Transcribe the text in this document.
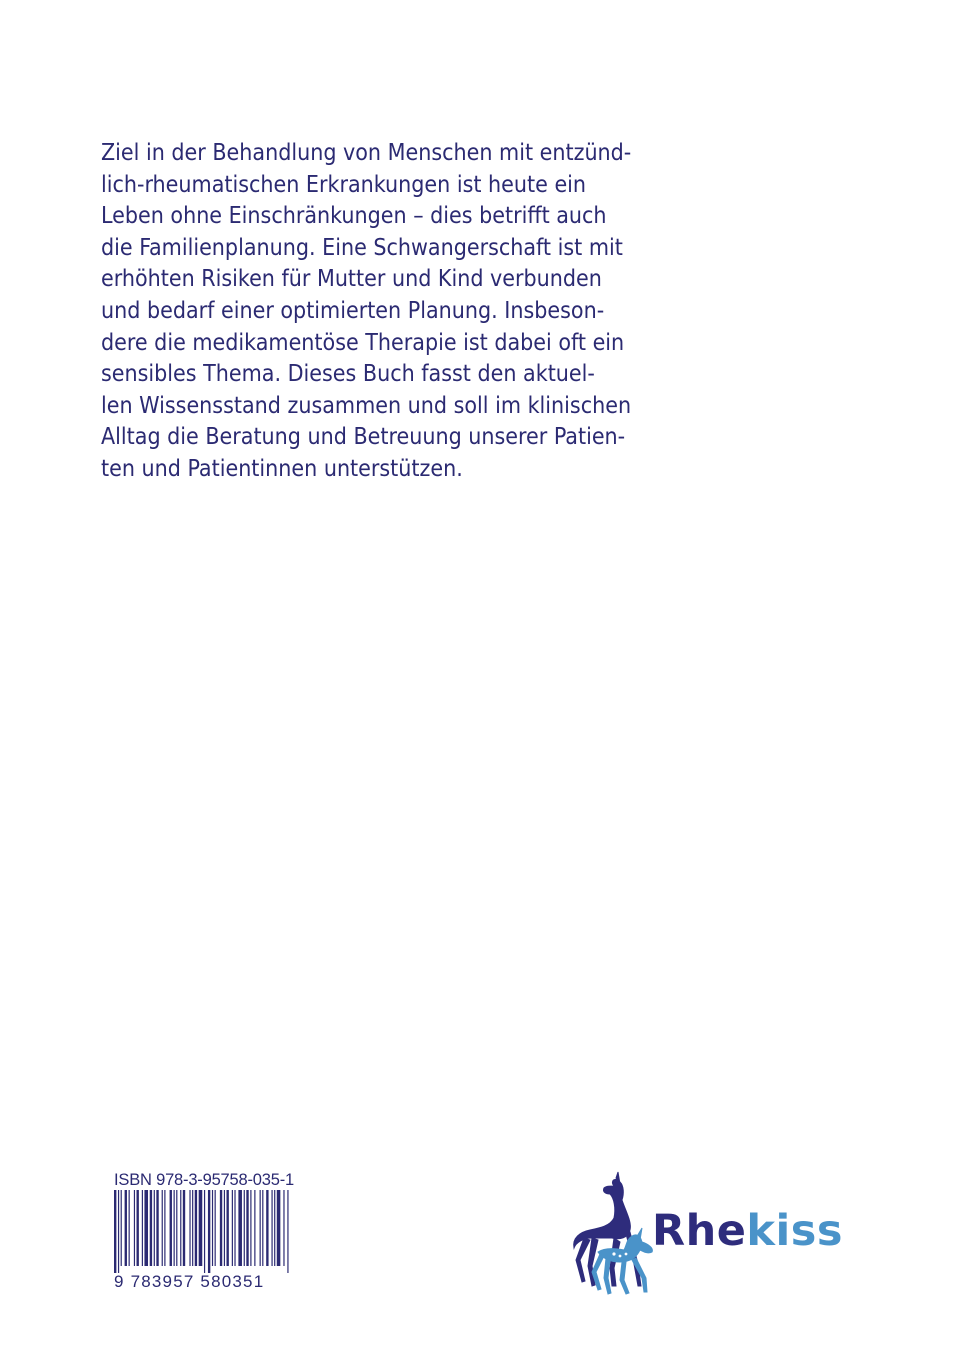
Ziel in der Behandlung von Menschen mit entzünd-
lich-rheumatischen Erkrankungen ist heute ein
Leben ohne Einschränkungen – dies betrifft auch
die Familienplanung. Eine Schwangerschaft ist mit
erhöhten Risiken für Mutter und Kind verbunden
und bedarf einer optimierten Planung. Insbeson-
dere die medikamentöse Therapie ist dabei oft ein
sensibles Thema. Dieses Buch fasst den aktuel-
len Wissensstand zusammen und soll im klinischen
Alltag die Beratung und Betreuung unserer Patien-
ten und Patientinnen unterstützen.
ISBN 978-3-95758-035-1
9 783957 580351
Rhekiss
